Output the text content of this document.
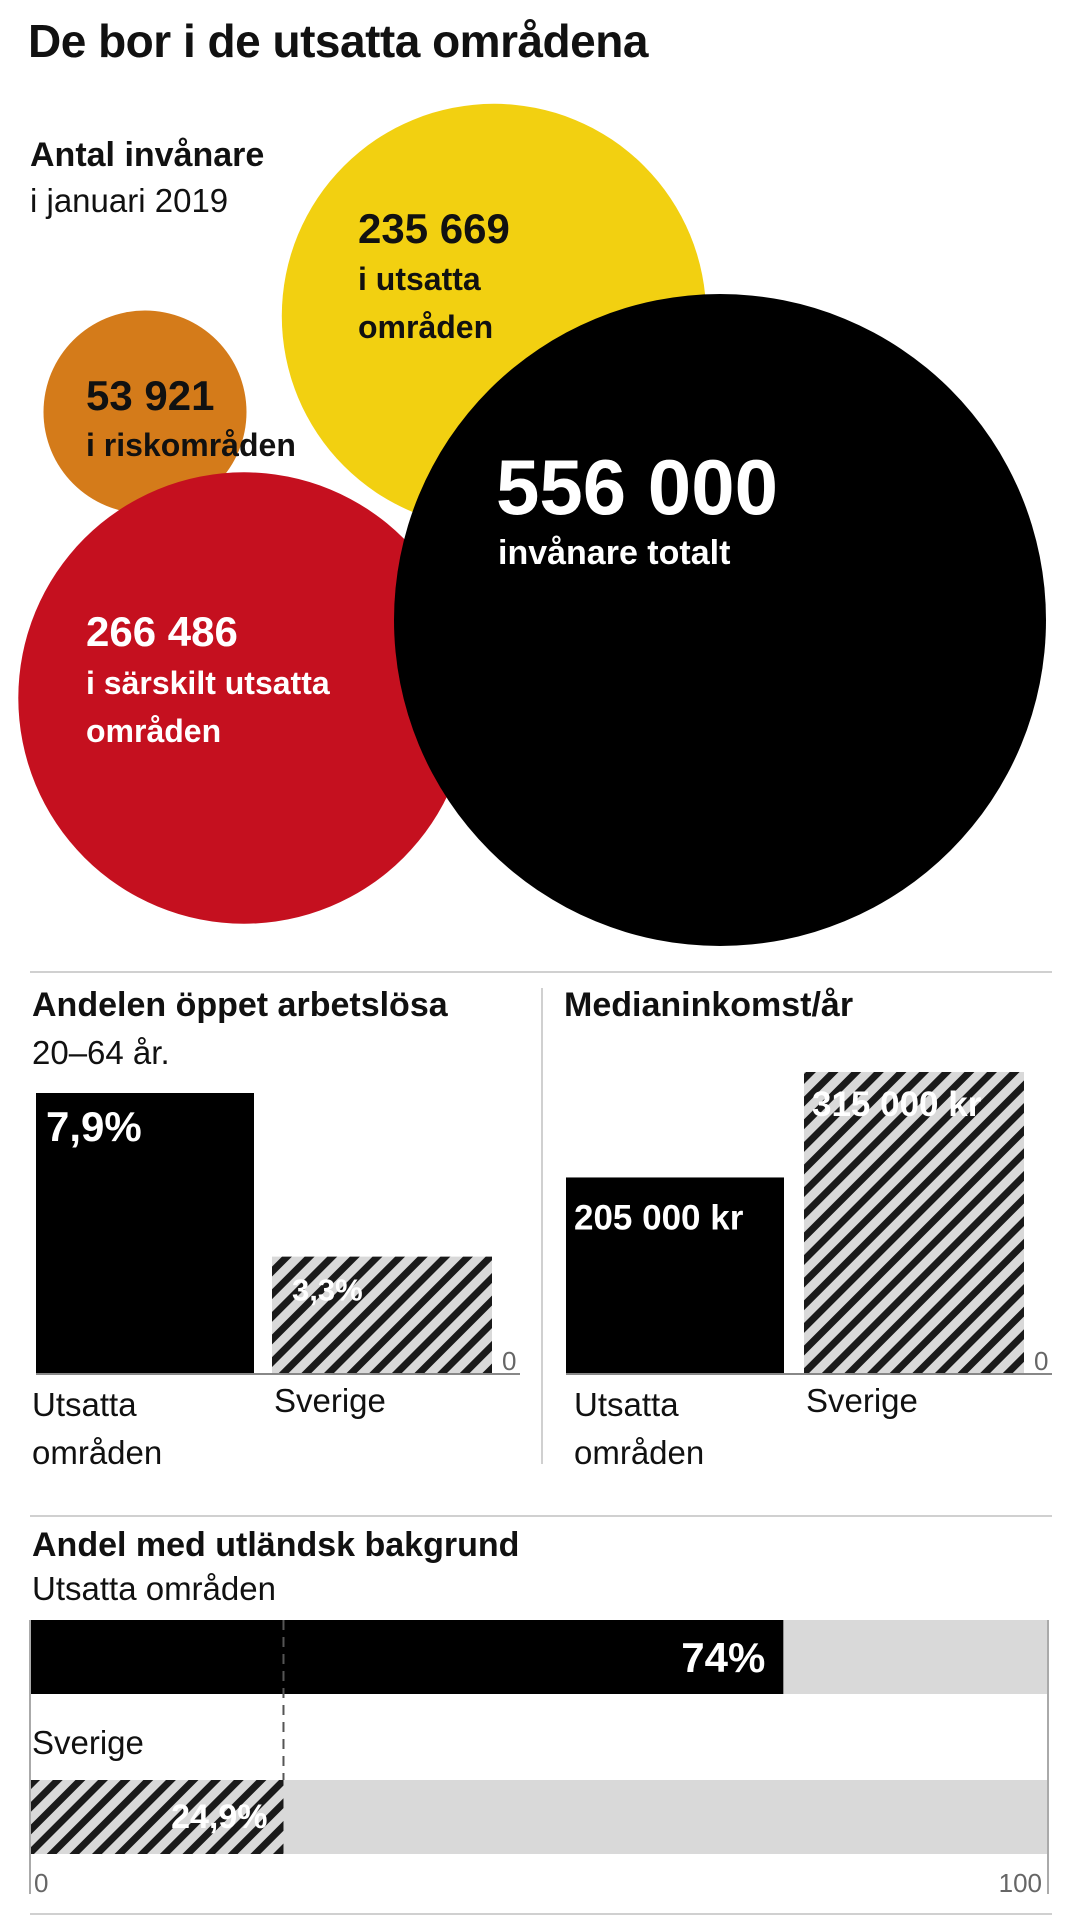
De bor i de utsatta områdena
Antal invånare
i januari 2019
235 669
i utsatta
områden
53 921
i riskområden
266 486
i särskilt utsatta
områden
556 000
invånare totalt
Andelen öppet arbetslösa
20–64 år.
7,9%
3,3%
0
Utsatta
områden
Sverige
Medianinkomst/år
205 000 kr
315 000 kr
0
Utsatta
områden
Sverige
Andel med utländsk bakgrund
Utsatta områden
74%
Sverige
24,9%
0	100
